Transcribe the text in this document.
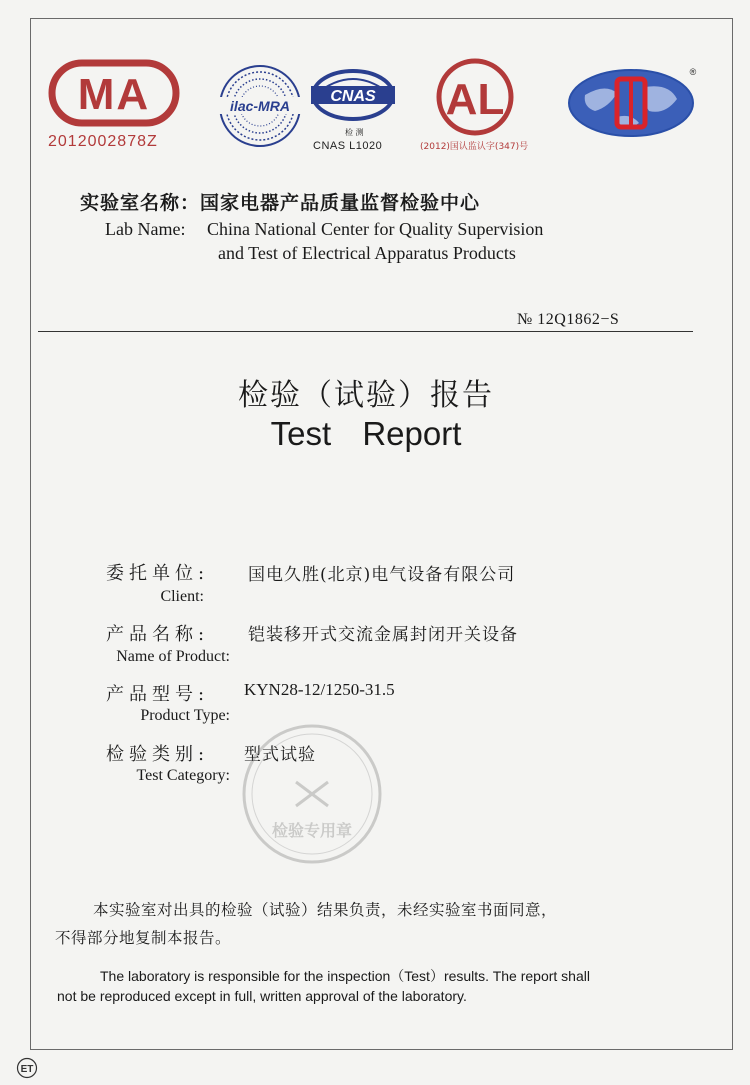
MA
2012002878Z
ilac-MRA
CNAS
检 测
CNAS L1020
AL
(2012)国认监认字(347)号
®
实验室名称：国家电器产品质量监督检验中心
Lab Name: China National Center for Quality Supervision
and Test of Electrical Apparatus Products
№ 12Q1862−S
检验（试验）报告
Test Report
委托单位: 国电久胜(北京)电气设备有限公司
Client:
产品名称: 铠装移开式交流金属封闭开关设备
Name of Product:
产品型号: KYN28-12/1250-31.5
Product Type:
检验类别: 型式试验
Test Category:
检验专用章
本实验室对出具的检验（试验）结果负责，未经实验室书面同意，
不得部分地复制本报告。
The laboratory is responsible for the inspection（Test）results. The report shall
not be reproduced except in full, written approval of the laboratory.
ET
